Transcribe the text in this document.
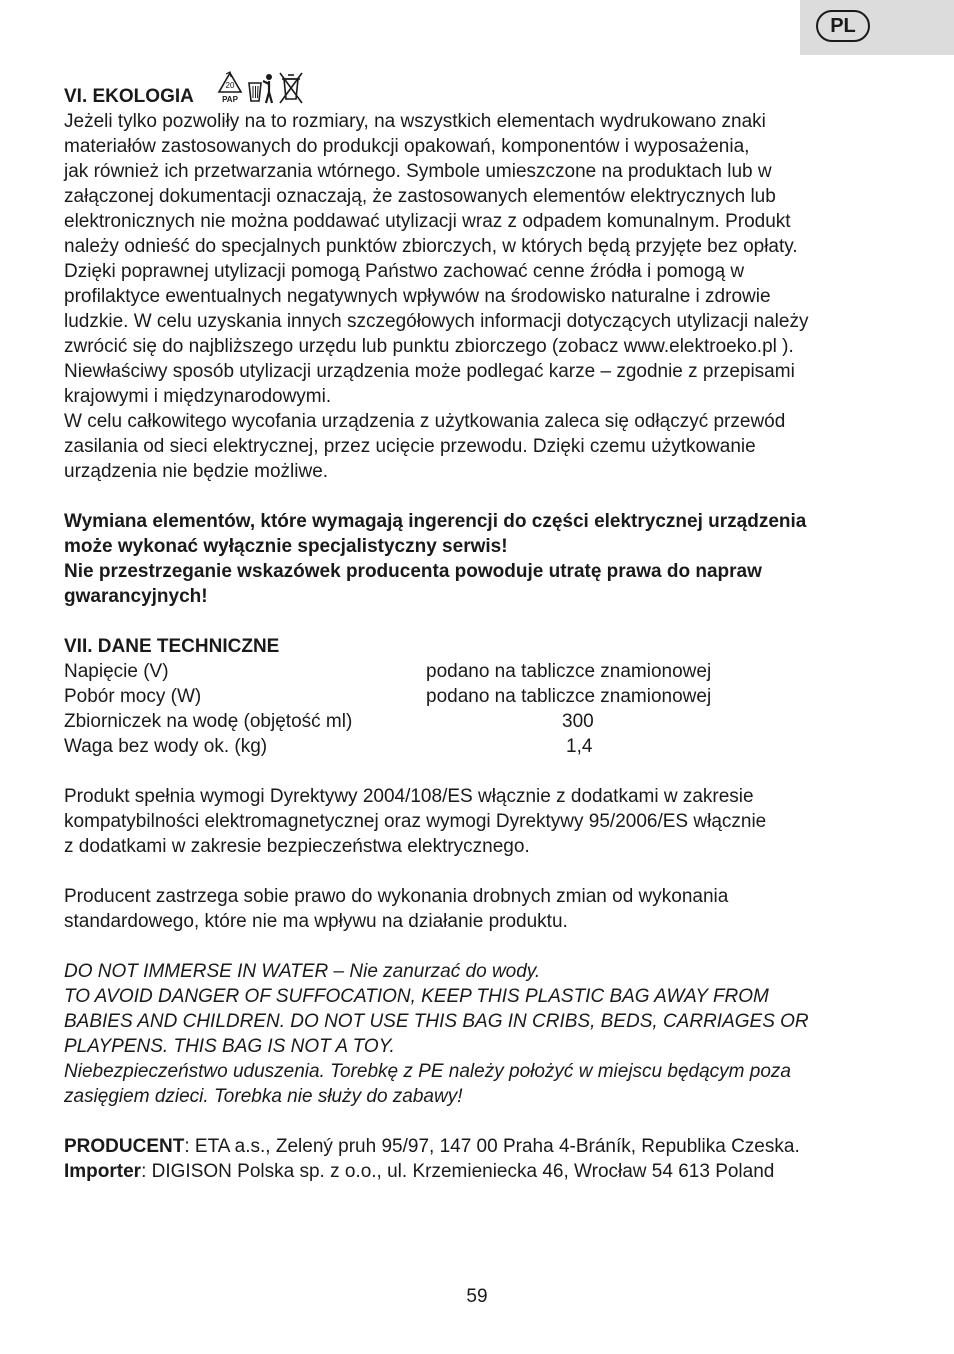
PL
VI. EKOLOGIA
20
PAP
Jeżeli tylko pozwoliły na to rozmiary, na wszystkich elementach wydrukowano znaki
materiałów zastosowanych do produkcji opakowań, komponentów i wyposażenia,
jak również ich przetwarzania wtórnego. Symbole umieszczone na produktach lub w
załączonej dokumentacji oznaczają, że zastosowanych elementów elektrycznych lub
elektronicznych nie można poddawać utylizacji wraz z odpadem komunalnym. Produkt
należy odnieść do specjalnych punktów zbiorczych, w których będą przyjęte bez opłaty.
Dzięki poprawnej utylizacji pomogą Państwo zachować cenne źródła i pomogą w
profilaktyce ewentualnych negatywnych wpływów na środowisko naturalne i zdrowie
ludzkie. W celu uzyskania innych szczegółowych informacji dotyczących utylizacji należy
zwrócić się do najbliższego urzędu lub punktu zbiorczego (zobacz www.elektroeko.pl ).
Niewłaściwy sposób utylizacji urządzenia może podlegać karze – zgodnie z przepisami
krajowymi i międzynarodowymi.
W celu całkowitego wycofania urządzenia z użytkowania zaleca się odłączyć przewód
zasilania od sieci elektrycznej, przez ucięcie przewodu. Dzięki czemu użytkowanie
urządzenia nie będzie możliwe.
Wymiana elementów, które wymagają ingerencji do części elektrycznej urządzenia
może wykonać wyłącznie specjalistyczny serwis!
Nie przestrzeganie wskazówek producenta powoduje utratę prawa do napraw
gwarancyjnych!
VII. DANE TECHNICZNE
Napięcie (V)	podano na tabliczce znamionowej
Pobór mocy (W)	podano na tabliczce znamionowej
Zbiorniczek na wodę (objętość ml)	300
Waga bez wody ok. (kg)	1,4
Produkt spełnia wymogi Dyrektywy 2004/108/ES włącznie z dodatkami w zakresie
kompatybilności elektromagnetycznej oraz wymogi Dyrektywy 95/2006/ES włącznie
z dodatkami w zakresie bezpieczeństwa elektrycznego.
Producent zastrzega sobie prawo do wykonania drobnych zmian od wykonania
standardowego, które nie ma wpływu na działanie produktu.
DO NOT IMMERSE IN WATER – Nie zanurzać do wody.
TO AVOID DANGER OF SUFFOCATION, KEEP THIS PLASTIC BAG AWAY FROM
BABIES AND CHILDREN. DO NOT USE THIS BAG IN CRIBS, BEDS, CARRIAGES OR
PLAYPENS. THIS BAG IS NOT A TOY.
Niebezpieczeństwo uduszenia. Torebkę z PE należy położyć w miejscu będącym poza
zasięgiem dzieci. Torebka nie służy do zabawy!
PRODUCENT: ETA a.s., Zelený pruh 95/97, 147 00 Praha 4-Bráník, Republika Czeska.
Importer: DIGISON Polska sp. z o.o., ul. Krzemieniecka 46, Wrocław 54 613 Poland
59
